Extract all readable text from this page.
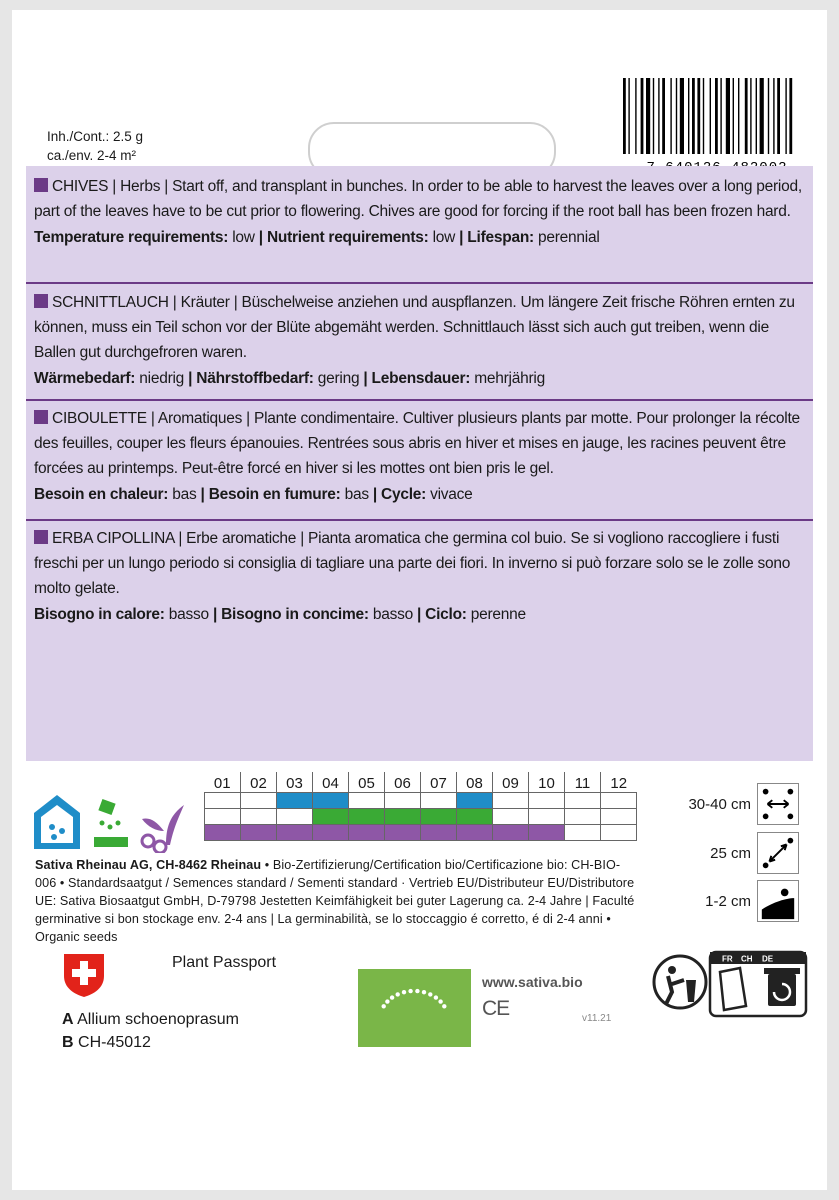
Inh./Cont.: 2.5 g
ca./env. 2-4 m²
CHIVES | Herbs | Start off, and transplant in bunches. In order to be able to harvest the leaves over a long period, part of the leaves have to be cut prior to flowering. Chives are good for forcing if the root ball has been frozen hard.
Temperature requirements: low | Nutrient requirements: low | Lifespan: perennial
SCHNITTLAUCH | Kräuter | Büschelweise anziehen und auspflanzen. Um längere Zeit frische Röhren ernten zu können, muss ein Teil schon vor der Blüte abgemäht werden. Schnittlauch lässt sich auch gut treiben, wenn die Ballen gut durchgefroren waren.
Wärmebedarf: niedrig | Nährstoffbedarf: gering | Lebensdauer: mehrjährig
CIBOULETTE | Aromatiques | Plante condimentaire. Cultiver plusieurs plants par motte. Pour prolonger la récolte des feuilles, couper les fleurs épanouies. Rentrées sous abris en hiver et mises en jauge, les racines peuvent être forcées au printemps. Peut-être forcé en hiver si les mottes ont bien pris le gel.
Besoin en chaleur: bas | Besoin en fumure: bas | Cycle: vivace
ERBA CIPOLLINA | Erbe aromatiche | Pianta aromatica che germina col buio. Se si vogliono raccogliere i fusti freschi per un lungo periodo si consiglia di tagliare una parte dei fiori. In inverno si può forzare solo se le zolle sono molto gelate.
Bisogno in calore: basso | Bisogno in concime: basso | Ciclo: perenne
01	02	03	04	05	06	07	08	09	10	11	12

30-40 cm
25 cm
1-2 cm
Sativa Rheinau AG, CH-8462 Rheinau • Bio-Zertifizierung/Certification bio/Certificazione bio: CH-BIO-006 • Standardsaatgut / Semences standard / Sementi standard · Vertrieb EU/Distributeur EU/Distributore UE: Sativa Biosaatgut GmbH, D-79798 Jestetten Keimfähigkeit bei guter Lagerung ca. 2-4 Jahre | Faculté germinative si bon stockage env. 2-4 ans | La germinabilità, se lo stoccaggio é corretto, é di 2-4 anni • Organic seeds
Plant Passport
A Allium schoenoprasum
B CH-45012
www.sativa.bio
CE	v11.21
FR CH DE
